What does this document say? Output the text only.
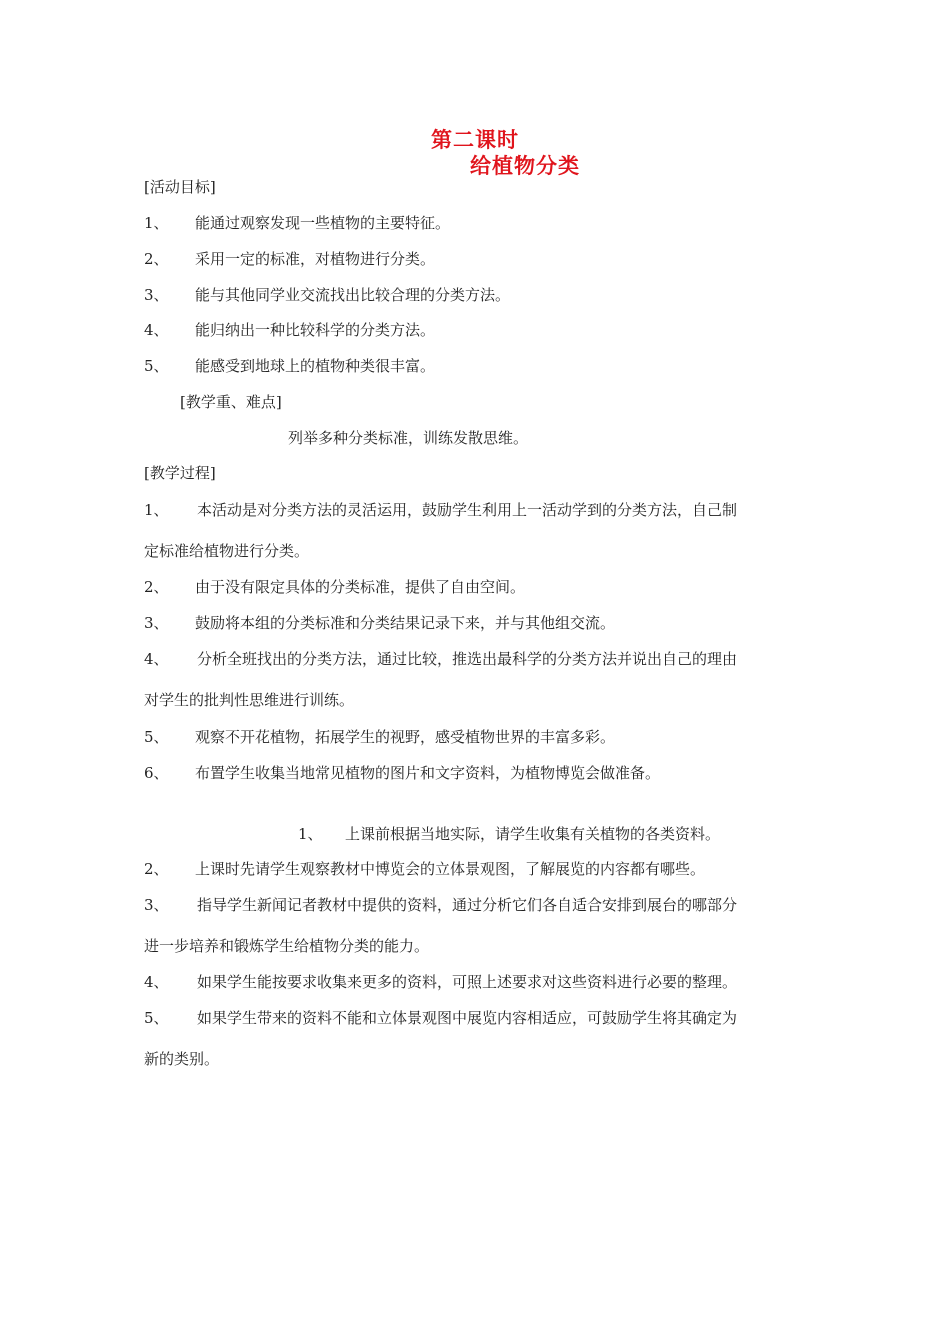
第二课时
给植物分类
[活动目标]
1、 能通过观察发现一些植物的主要特征。
2、 采用一定的标准，对植物进行分类。
3、 能与其他同学业交流找出比较合理的分类方法。
4、 能归纳出一种比较科学的分类方法。
5、 能感受到地球上的植物种类很丰富。
[教学重、难点]
列举多种分类标准，训练发散思维。
[教学过程]
1、 本活动是对分类方法的灵活运用，鼓励学生利用上一活动学到的分类方法，自己制
定标准给植物进行分类。
2、 由于没有限定具体的分类标准，提供了自由空间。
3、 鼓励将本组的分类标准和分类结果记录下来，并与其他组交流。
4、 分析全班找出的分类方法，通过比较，推选出最科学的分类方法并说出自己的理由
对学生的批判性思维进行训练。
5、 观察不开花植物，拓展学生的视野，感受植物世界的丰富多彩。
6、 布置学生收集当地常见植物的图片和文字资料，为植物博览会做准备。
1、 上课前根据当地实际，请学生收集有关植物的各类资料。
2、 上课时先请学生观察教材中博览会的立体景观图，了解展览的内容都有哪些。
3、 指导学生新闻记者教材中提供的资料，通过分析它们各自适合安排到展台的哪部分
进一步培养和锻炼学生给植物分类的能力。
4、 如果学生能按要求收集来更多的资料，可照上述要求对这些资料进行必要的整理。
5、 如果学生带来的资料不能和立体景观图中展览内容相适应，可鼓励学生将其确定为
新的类别。
